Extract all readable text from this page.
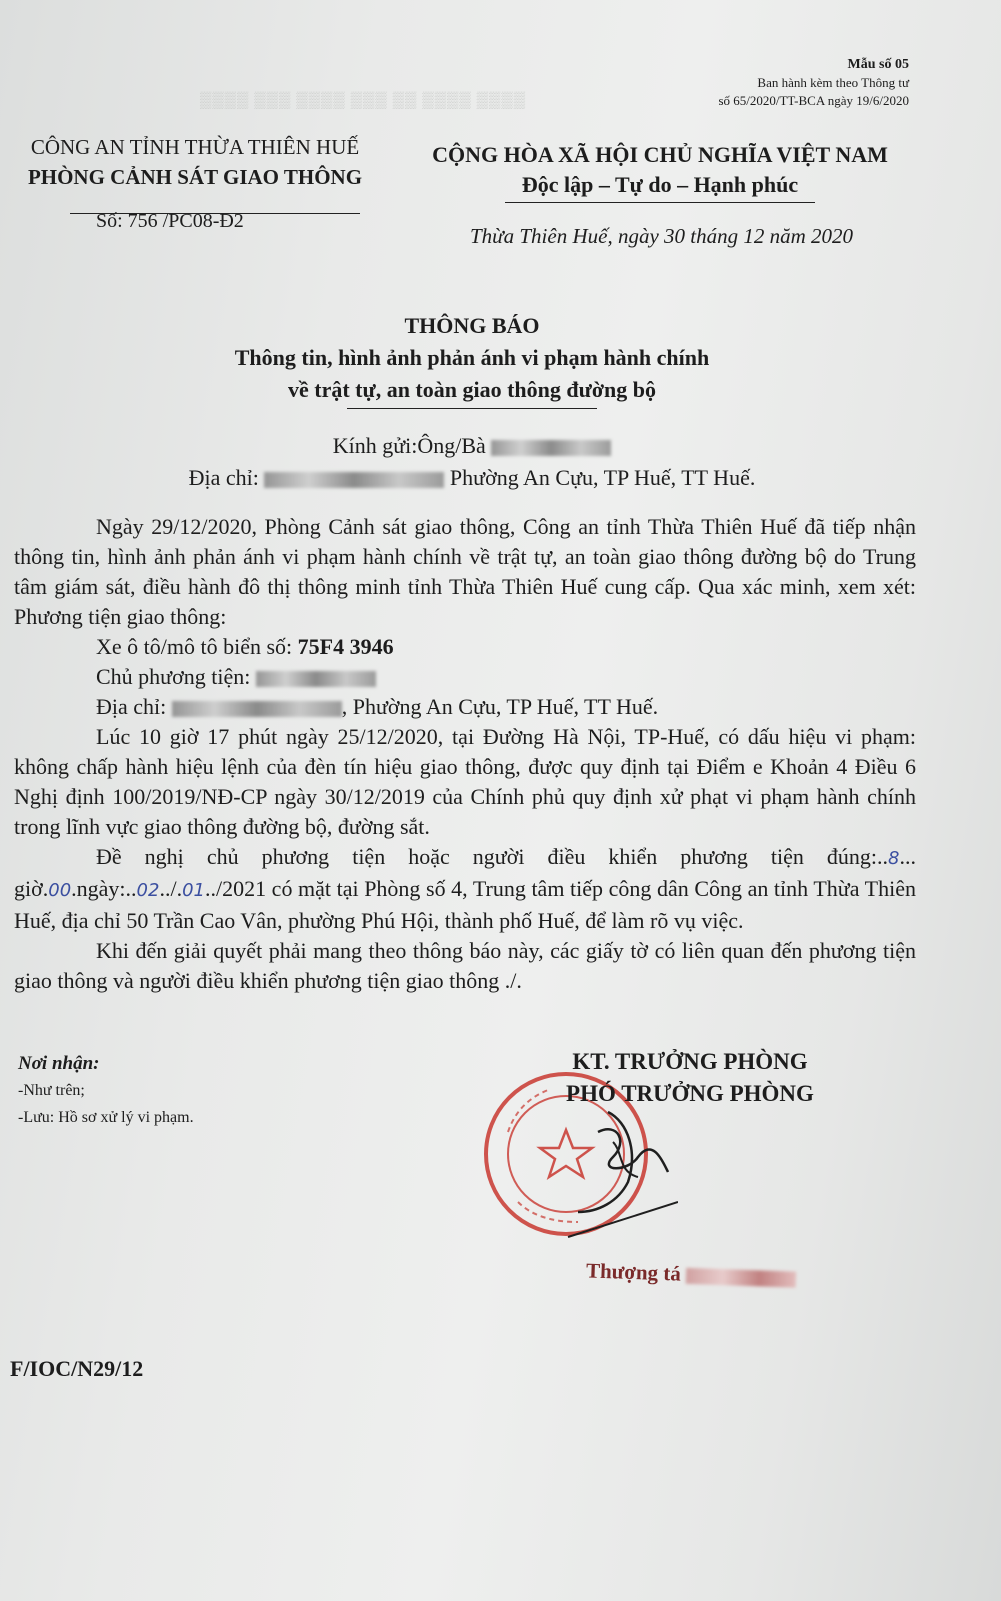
▒▒▒▒ ▒▒▒ ▒▒▒▒ ▒▒▒ ▒▒ ▒▒▒▒ ▒▒▒▒
Mẫu số 05
Ban hành kèm theo Thông tư
số 65/2020/TT-BCA ngày 19/6/2020
CÔNG AN TỈNH THỪA THIÊN HUẾ
PHÒNG CẢNH SÁT GIAO THÔNG
Số: 756 /PC08-Đ2
CỘNG HÒA XÃ HỘI CHỦ NGHĨA VIỆT NAM
Độc lập – Tự do – Hạnh phúc
Thừa Thiên Huế, ngày 30 tháng 12 năm 2020
THÔNG BÁO
Thông tin, hình ảnh phản ánh vi phạm hành chính
về trật tự, an toàn giao thông đường bộ
Kính gửi:Ông/Bà
Địa chỉ:	Phường An Cựu, TP Huế, TT Huế.

Ngày 29/12/2020, Phòng Cảnh sát giao thông, Công an tỉnh Thừa Thiên Huế đã tiếp nhận thông tin, hình ảnh phản ánh vi phạm hành chính về trật tự, an toàn giao thông đường bộ do Trung tâm giám sát, điều hành đô thị thông minh tỉnh Thừa Thiên Huế cung cấp. Qua xác minh, xem xét: Phương tiện giao thông:

Xe ô tô/mô tô biển số: 75F4 3946

Chủ phương tiện:

Địa chỉ:	, Phường An Cựu, TP Huế, TT Huế.

Lúc 10 giờ 17 phút ngày 25/12/2020, tại Đường Hà Nội, TP-Huế, có dấu hiệu vi phạm: không chấp hành hiệu lệnh của đèn tín hiệu giao thông, được quy định tại Điểm e Khoản 4 Điều 6 Nghị định 100/2019/NĐ-CP ngày 30/12/2019 của Chính phủ quy định xử phạt vi phạm hành chính trong lĩnh vực giao thông đường bộ, đường sắt.

Đề nghị chủ phương tiện hoặc người điều khiển phương tiện đúng:..8... giờ.00.ngày:..02../.01../2021 có mặt tại Phòng số 4, Trung tâm tiếp công dân Công an tỉnh Thừa Thiên Huế, địa chỉ 50 Trần Cao Vân, phường Phú Hội, thành phố Huế, để làm rõ vụ việc.

Khi đến giải quyết phải mang theo thông báo này, các giấy tờ có liên quan đến phương tiện giao thông và người điều khiển phương tiện giao thông ./.

Nơi nhận:
-Như trên;
-Lưu: Hồ sơ xử lý vi phạm.
KT. TRƯỞNG PHÒNG
PHÓ TRƯỞNG PHÒNG
Thượng tá
F/IOC/N29/12
